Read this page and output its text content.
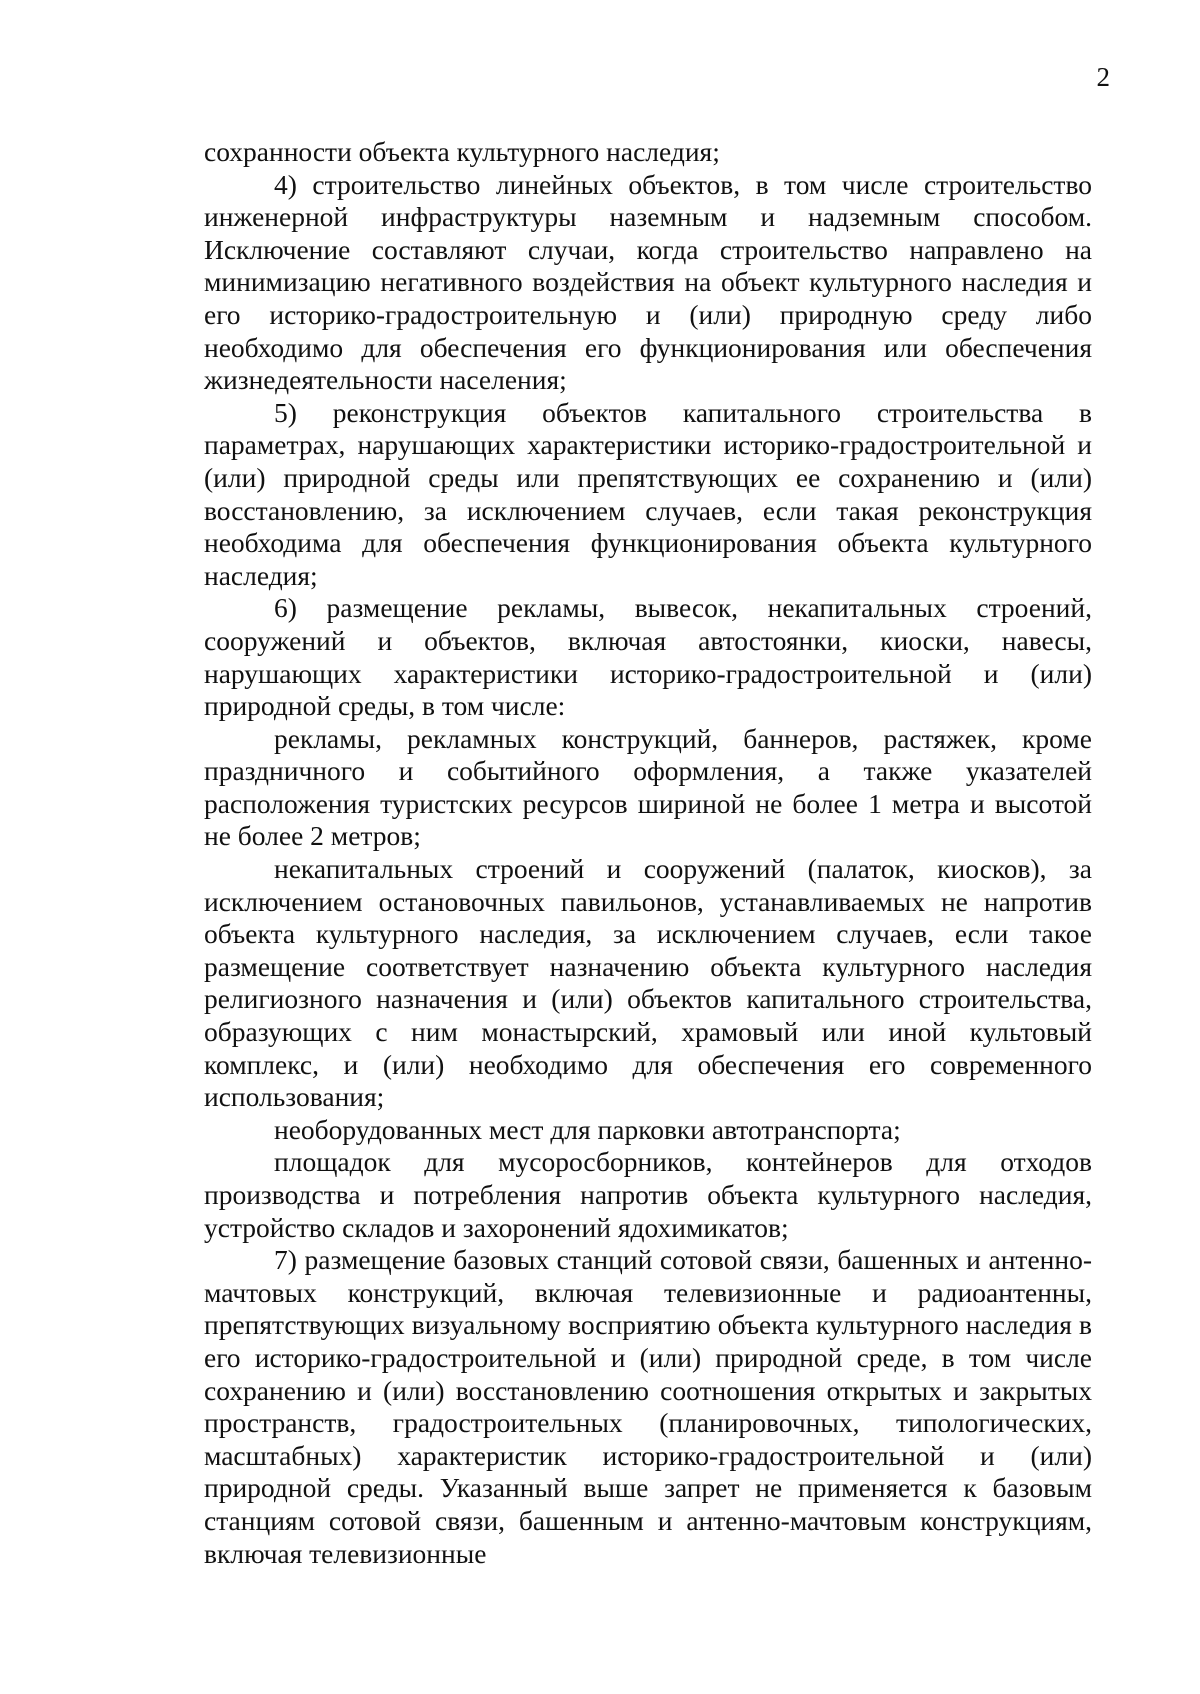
2

сохранности объекта культурного наследия;

4) строительство линейных объектов, в том числе строительство инженерной инфраструктуры наземным и надземным способом. Исключение составляют случаи, когда строительство направлено на минимизацию негативного воздействия на объект культурного наследия и его историко-градостроительную и (или) природную среду либо необходимо для обеспечения его функционирования или обеспечения жизнедеятельности населения;

5) реконструкция объектов капитального строительства в параметрах, нарушающих характеристики историко-градостроительной и (или) природной среды или препятствующих ее сохранению и (или) восстановлению, за исключением случаев, если такая реконструкция необходима для обеспечения функционирования объекта культурного наследия;

6) размещение рекламы, вывесок, некапитальных строений, сооружений и объектов, включая автостоянки, киоски, навесы, нарушающих характеристики историко-градостроительной и (или) природной среды, в том числе:

рекламы, рекламных конструкций, баннеров, растяжек, кроме праздничного и событийного оформления, а также указателей расположения туристских ресурсов шириной не более 1 метра и высотой не более 2 метров;

некапитальных строений и сооружений (палаток, киосков), за исключением остановочных павильонов, устанавливаемых не напротив объекта культурного наследия, за исключением случаев, если такое размещение соответствует назначению объекта культурного наследия религиозного назначения и (или) объектов капитального строительства, образующих с ним монастырский, храмовый или иной культовый комплекс, и (или) необходимо для обеспечения его современного использования;

необорудованных мест для парковки автотранспорта;

площадок для мусоросборников, контейнеров для отходов производства и потребления напротив объекта культурного наследия, устройство складов и захоронений ядохимикатов;

7) размещение базовых станций сотовой связи, башенных и антенно-мачтовых конструкций, включая телевизионные и радиоантенны, препятствующих визуальному восприятию объекта культурного наследия в его историко-градостроительной и (или) природной среде, в том числе сохранению и (или) восстановлению соотношения открытых и закрытых пространств, градостроительных (планировочных, типологических, масштабных) характеристик историко-градостроительной и (или) природной среды. Указанный выше запрет не применяется к базовым станциям сотовой связи, башенным и антенно-мачтовым конструкциям, включая телевизионные
